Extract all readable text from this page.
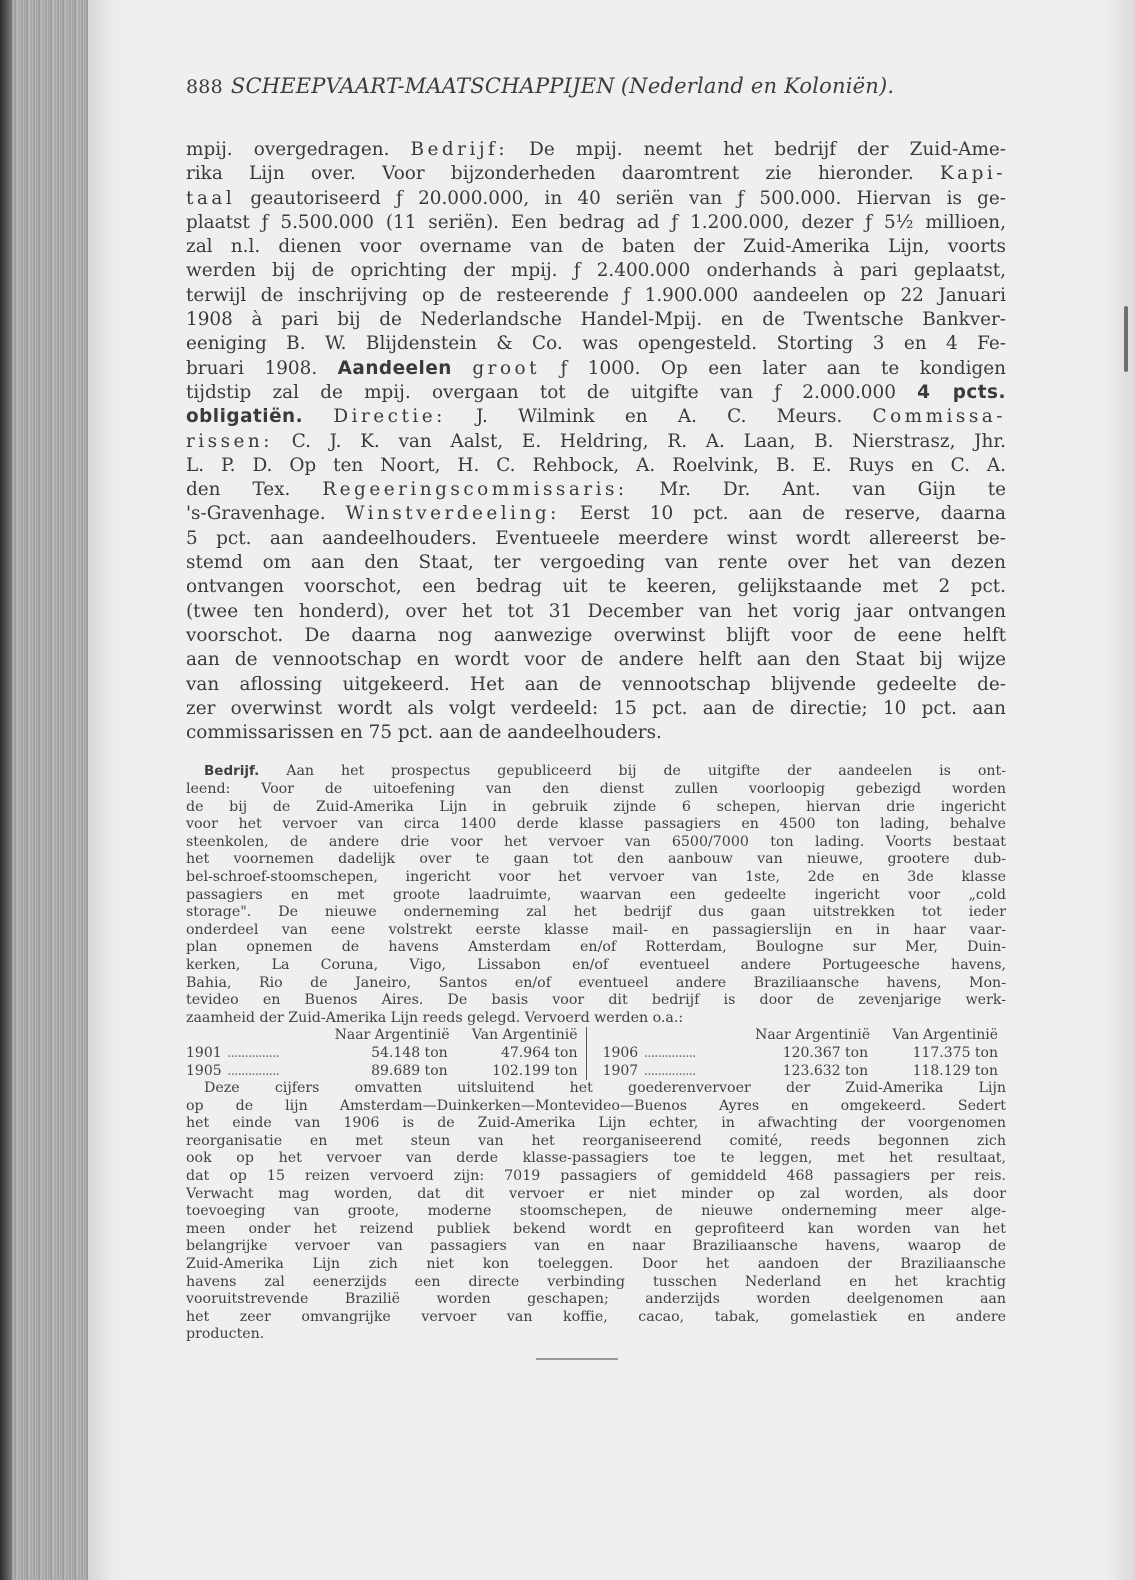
888 SCHEEPVAART-MAATSCHAPPIJEN (Nederland en Koloniën).
mpij. overgedragen. Bedrijf: De mpij. neemt het bedrijf der Zuid-Ame-
rika Lijn over. Voor bijzonderheden daaromtrent zie hieronder. Kapi-
taal geautoriseerd ƒ 20.000.000, in 40 seriën van ƒ 500.000. Hiervan is ge-
plaatst ƒ 5.500.000 (11 seriën). Een bedrag ad ƒ 1.200.000, dezer ƒ 5½ millioen,
zal n.l. dienen voor overname van de baten der Zuid-Amerika Lijn, voorts
werden bij de oprichting der mpij. ƒ 2.400.000 onderhands à pari geplaatst,
terwijl de inschrijving op de resteerende ƒ 1.900.000 aandeelen op 22 Januari
1908 à pari bij de Nederlandsche Handel-Mpij. en de Twentsche Bankver-
eeniging B. W. Blijdenstein & Co. was opengesteld. Storting 3 en 4 Fe-
bruari 1908. Aandeelen groot ƒ 1000. Op een later aan te kondigen
tijdstip zal de mpij. overgaan tot de uitgifte van ƒ 2.000.000 4 pcts.
obligatiën. Directie: J. Wilmink en A. C. Meurs. Commissa-
rissen: C. J. K. van Aalst, E. Heldring, R. A. Laan, B. Nierstrasz, Jhr.
L. P. D. Op ten Noort, H. C. Rehbock, A. Roelvink, B. E. Ruys en C. A.
den Tex. Regeeringscommissaris: Mr. Dr. Ant. van Gijn te
's-Gravenhage. Winstverdeeling: Eerst 10 pct. aan de reserve, daarna
5 pct. aan aandeelhouders. Eventueele meerdere winst wordt allereerst be-
stemd om aan den Staat, ter vergoeding van rente over het van dezen
ontvangen voorschot, een bedrag uit te keeren, gelijkstaande met 2 pct.
(twee ten honderd), over het tot 31 December van het vorig jaar ontvangen
voorschot. De daarna nog aanwezige overwinst blijft voor de eene helft
aan de vennootschap en wordt voor de andere helft aan den Staat bij wijze
van aflossing uitgekeerd. Het aan de vennootschap blijvende gedeelte de-
zer overwinst wordt als volgt verdeeld: 15 pct. aan de directie; 10 pct. aan
commissarissen en 75 pct. aan de aandeelhouders.
Bedrijf. Aan het prospectus gepubliceerd bij de uitgifte der aandeelen is ont-
leend: Voor de uitoefening van den dienst zullen voorloopig gebezigd worden
de bij de Zuid-Amerika Lijn in gebruik zijnde 6 schepen, hiervan drie ingericht
voor het vervoer van circa 1400 derde klasse passagiers en 4500 ton lading, behalve
steenkolen, de andere drie voor het vervoer van 6500/7000 ton lading. Voorts bestaat
het voornemen dadelijk over te gaan tot den aanbouw van nieuwe, grootere dub-
bel-schroef-stoomschepen, ingericht voor het vervoer van 1ste, 2de en 3de klasse
passagiers en met groote laadruimte, waarvan een gedeelte ingericht voor „cold
storage". De nieuwe onderneming zal het bedrijf dus gaan uitstrekken tot ieder
onderdeel van eene volstrekt eerste klasse mail- en passagierslijn en in haar vaar-
plan opnemen de havens Amsterdam en/of Rotterdam, Boulogne sur Mer, Duin-
kerken, La Coruna, Vigo, Lissabon en/of eventueel andere Portugeesche havens,
Bahia, Rio de Janeiro, Santos en/of eventueel andere Braziliaansche havens, Mon-
tevideo en Buenos Aires. De basis voor dit bedrijf is door de zevenjarige werk-
zaamheid der Zuid-Amerika Lijn reeds gelegd. Vervoerd werden o.a.:
Naar Argentinië			Van Argentinië		Naar Argentinië			Van Argentinië
1901	...............	54.148 ton	47.964 ton		1906	...............	120.367 ton	117.375 ton
1905	...............	89.689 ton	102.199 ton		1907	...............	123.632 ton	118.129 ton
Deze cijfers omvatten uitsluitend het goederenvervoer der Zuid-Amerika Lijn
op de lijn Amsterdam—Duinkerken—Montevideo—Buenos Ayres en omgekeerd. Sedert
het einde van 1906 is de Zuid-Amerika Lijn echter, in afwachting der voorgenomen
reorganisatie en met steun van het reorganiseerend comité, reeds begonnen zich
ook op het vervoer van derde klasse-passagiers toe te leggen, met het resultaat,
dat op 15 reizen vervoerd zijn: 7019 passagiers of gemiddeld 468 passagiers per reis.
Verwacht mag worden, dat dit vervoer er niet minder op zal worden, als door
toevoeging van groote, moderne stoomschepen, de nieuwe onderneming meer alge-
meen onder het reizend publiek bekend wordt en geprofiteerd kan worden van het
belangrijke vervoer van passagiers van en naar Braziliaansche havens, waarop de
Zuid-Amerika Lijn zich niet kon toeleggen. Door het aandoen der Braziliaansche
havens zal eenerzijds een directe verbinding tusschen Nederland en het krachtig
vooruitstrevende Brazilië worden geschapen; anderzijds worden deelgenomen aan
het zeer omvangrijke vervoer van koffie, cacao, tabak, gomelastiek en andere
producten.
